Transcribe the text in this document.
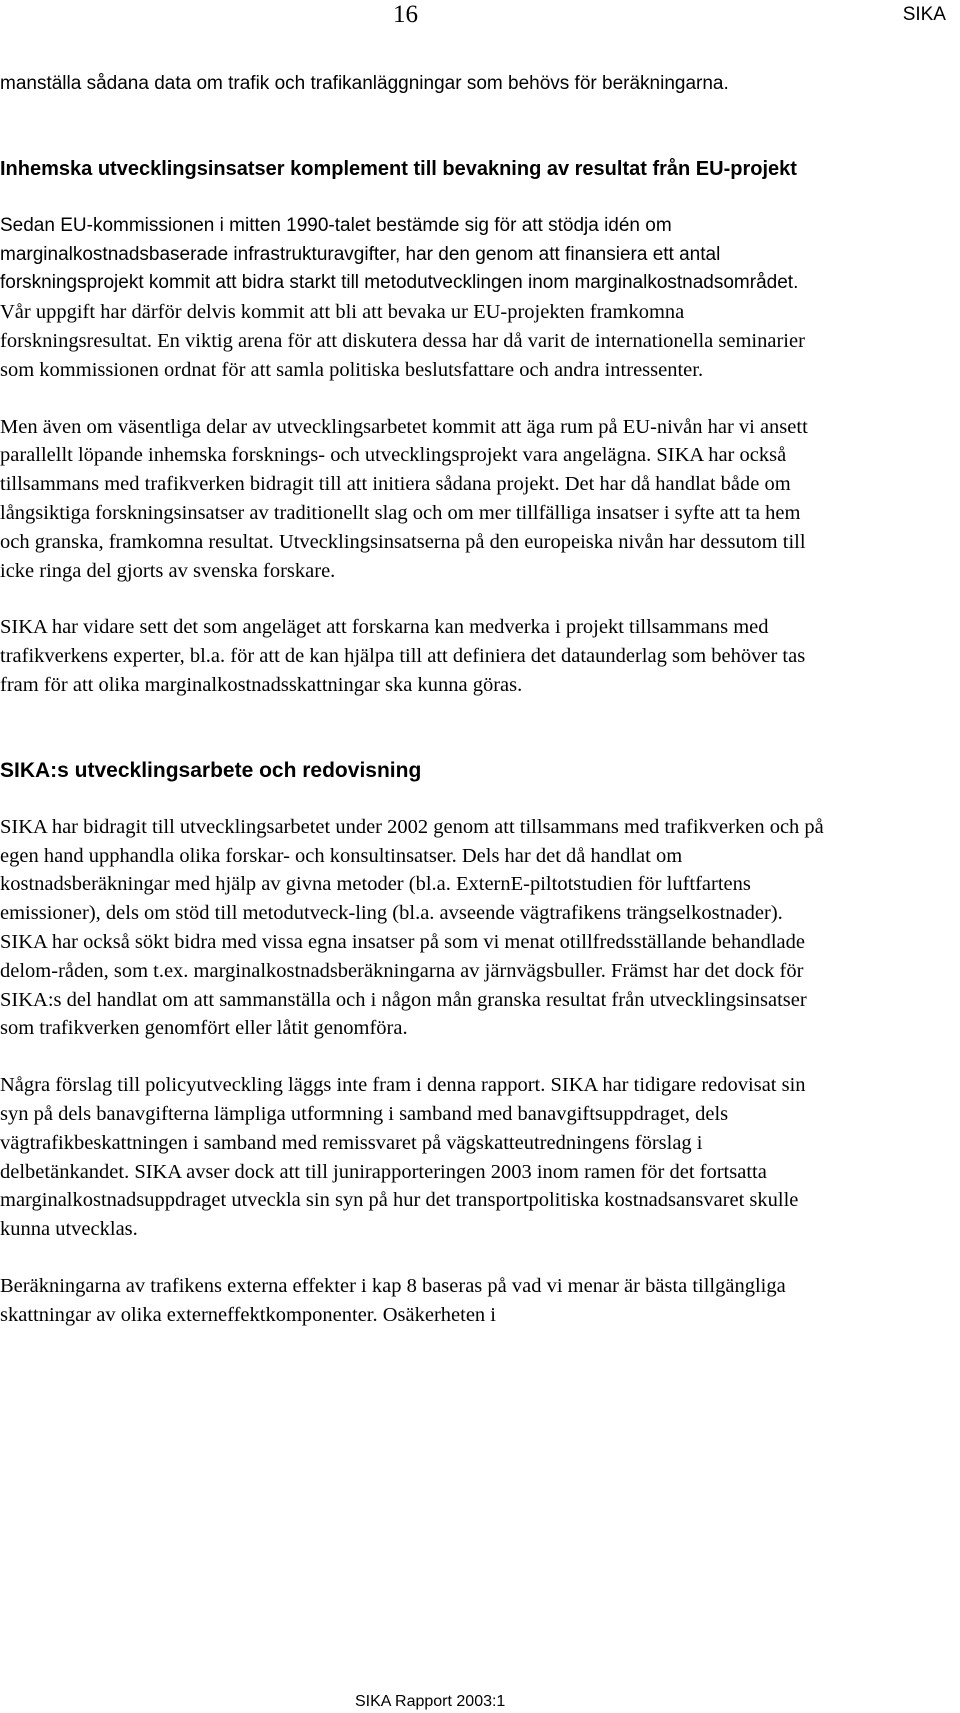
16	SIKA

manställa sådana data om trafik och trafikanläggningar som behövs för beräkningarna.

Inhemska utvecklingsinsatser komplement till bevakning av resultat från EU-projekt

Sedan EU-kommissionen i mitten 1990-talet bestämde sig för att stödja idén om marginalkostnadsbaserade infrastrukturavgifter, har den genom att finansiera ett antal forskningsprojekt kommit att bidra starkt till metodutvecklingen inom marginalkostnadsområdet. Vår uppgift har därför delvis kommit att bli att bevaka ur EU-projekten framkomna forskningsresultat. En viktig arena för att diskutera dessa har då varit de internationella seminarier som kommissionen ordnat för att samla politiska beslutsfattare och andra intressenter.

Men även om väsentliga delar av utvecklingsarbetet kommit att äga rum på EU-nivån har vi ansett parallellt löpande inhemska forsknings- och utvecklingsprojekt vara angelägna. SIKA har också tillsammans med trafikverken bidragit till att initiera sådana projekt. Det har då handlat både om långsiktiga forskningsinsatser av traditionellt slag och om mer tillfälliga insatser i syfte att ta hem och granska, framkomna resultat. Utvecklingsinsatserna på den europeiska nivån har dessutom till icke ringa del gjorts av svenska forskare.

SIKA har vidare sett det som angeläget att forskarna kan medverka i projekt tillsammans med trafikverkens experter, bl.a. för att de kan hjälpa till att definiera det dataunderlag som behöver tas fram för att olika marginalkostnadsskattningar ska kunna göras.

SIKA:s utvecklingsarbete och redovisning

SIKA har bidragit till utvecklingsarbetet under 2002 genom att tillsammans med trafikverken och på egen hand upphandla olika forskar- och konsultinsatser. Dels har det då handlat om kostnadsberäkningar med hjälp av givna metoder (bl.a. ExternE-piltotstudien för luftfartens emissioner), dels om stöd till metodutveck-ling (bl.a. avseende vägtrafikens trängselkostnader). SIKA har också sökt bidra med vissa egna insatser på som vi menat otillfredsställande behandlade delom-råden, som t.ex. marginalkostnadsberäkningarna av järnvägsbuller. Främst har det dock för SIKA:s del handlat om att sammanställa och i någon mån granska resultat från utvecklingsinsatser som trafikverken genomfört eller låtit genomföra.

Några förslag till policyutveckling läggs inte fram i denna rapport. SIKA har tidigare redovisat sin syn på dels banavgifterna lämpliga utformning i samband med banavgiftsuppdraget, dels vägtrafikbeskattningen i samband med remissvaret på vägskatteutredningens förslag i delbetänkandet. SIKA avser dock att till junirapporteringen 2003 inom ramen för det fortsatta marginalkostnadsuppdraget utveckla sin syn på hur det transportpolitiska kostnadsansvaret skulle kunna utvecklas.

Beräkningarna av trafikens externa effekter i kap 8 baseras på vad vi menar är bästa tillgängliga skattningar av olika externeffektkomponenter. Osäkerheten i

SIKA Rapport 2003:1
